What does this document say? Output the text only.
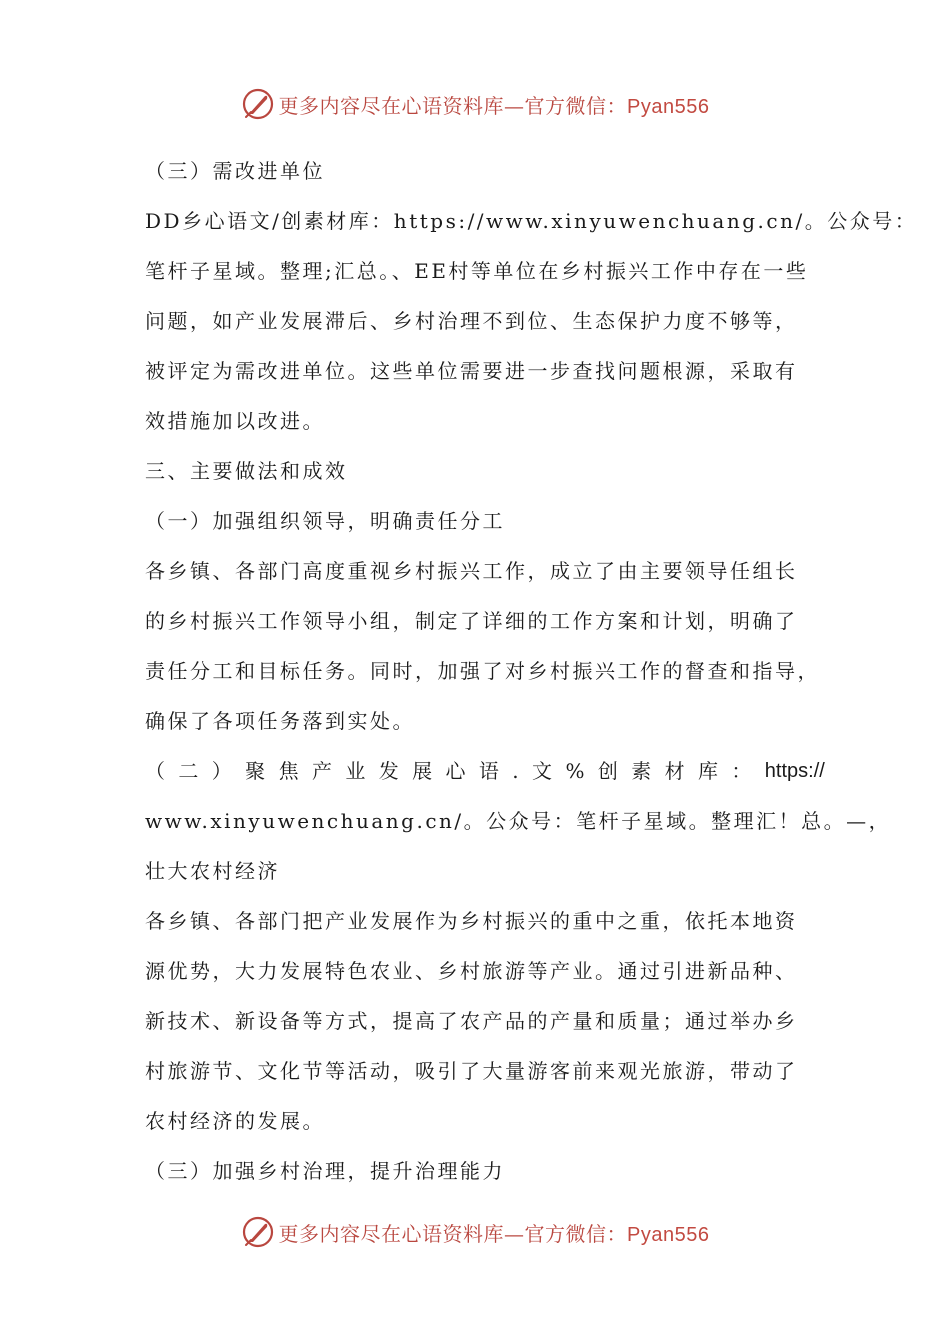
更多内容尽在心语资料库—官方微信：Pyan556
（三）需改进单位
DD乡心语文/创素材库：https://www.xinyuwenchuang.cn/。公众号：
笔杆子星域。整理;汇总。、EE村等单位在乡村振兴工作中存在一些
问题，如产业发展滞后、乡村治理不到位、生态保护力度不够等，
被评定为需改进单位。这些单位需要进一步查找问题根源，采取有
效措施加以改进。
三、主要做法和成效
（一）加强组织领导，明确责任分工
各乡镇、各部门高度重视乡村振兴工作，成立了由主要领导任组长
的乡村振兴工作领导小组，制定了详细的工作方案和计划，明确了
责任分工和目标任务。同时，加强了对乡村振兴工作的督查和指导，
确保了各项任务落到实处。
（ 二 ） 聚 焦 产 业 发 展 心 语 . 文 % 创 素 材 库 ： https://
www.xinyuwenchuang.cn/。公众号：笔杆子星域。整理汇！总。—，
壮大农村经济
各乡镇、各部门把产业发展作为乡村振兴的重中之重，依托本地资
源优势，大力发展特色农业、乡村旅游等产业。通过引进新品种、
新技术、新设备等方式，提高了农产品的产量和质量；通过举办乡
村旅游节、文化节等活动，吸引了大量游客前来观光旅游，带动了
农村经济的发展。
（三）加强乡村治理，提升治理能力
更多内容尽在心语资料库—官方微信：Pyan556
